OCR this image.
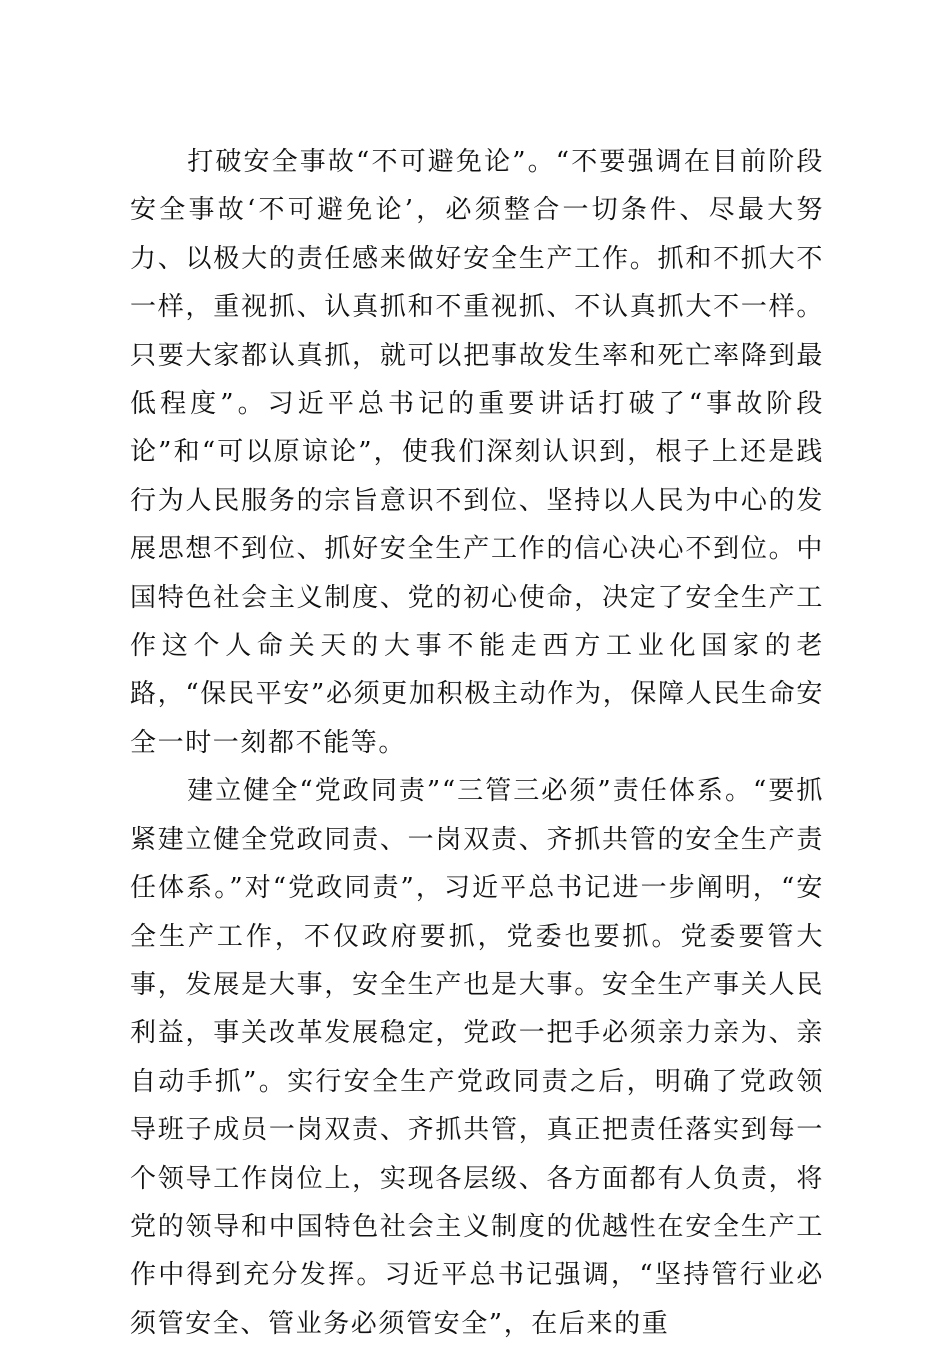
打破安全事故“不可避免论”。“不要强调在目前阶段安全事故‘不可避免论’，必须整合一切条件、尽最大努力、以极大的责任感来做好安全生产工作。抓和不抓大不一样，重视抓、认真抓和不重视抓、不认真抓大不一样。只要大家都认真抓，就可以把事故发生率和死亡率降到最低程度”。习近平总书记的重要讲话打破了“事故阶段论”和“可以原谅论”，使我们深刻认识到，根子上还是践行为人民服务的宗旨意识不到位、坚持以人民为中心的发展思想不到位、抓好安全生产工作的信心决心不到位。中国特色社会主义制度、党的初心使命，决定了安全生产工作这个人命关天的大事不能走西方工业化国家的老路，“保民平安”必须更加积极主动作为，保障人民生命安全一时一刻都不能等。

建立健全“党政同责”“三管三必须”责任体系。“要抓紧建立健全党政同责、一岗双责、齐抓共管的安全生产责任体系。”对“党政同责”，习近平总书记进一步阐明，“安全生产工作，不仅政府要抓，党委也要抓。党委要管大事，发展是大事，安全生产也是大事。安全生产事关人民利益，事关改革发展稳定，党政一把手必须亲力亲为、亲自动手抓”。实行安全生产党政同责之后，明确了党政领导班子成员一岗双责、齐抓共管，真正把责任落实到每一个领导工作岗位上，实现各层级、各方面都有人负责，将党的领导和中国特色社会主义制度的优越性在安全生产工作中得到充分发挥。习近平总书记强调，“坚持管行业必须管安全、管业务必须管安全”，在后来的重
